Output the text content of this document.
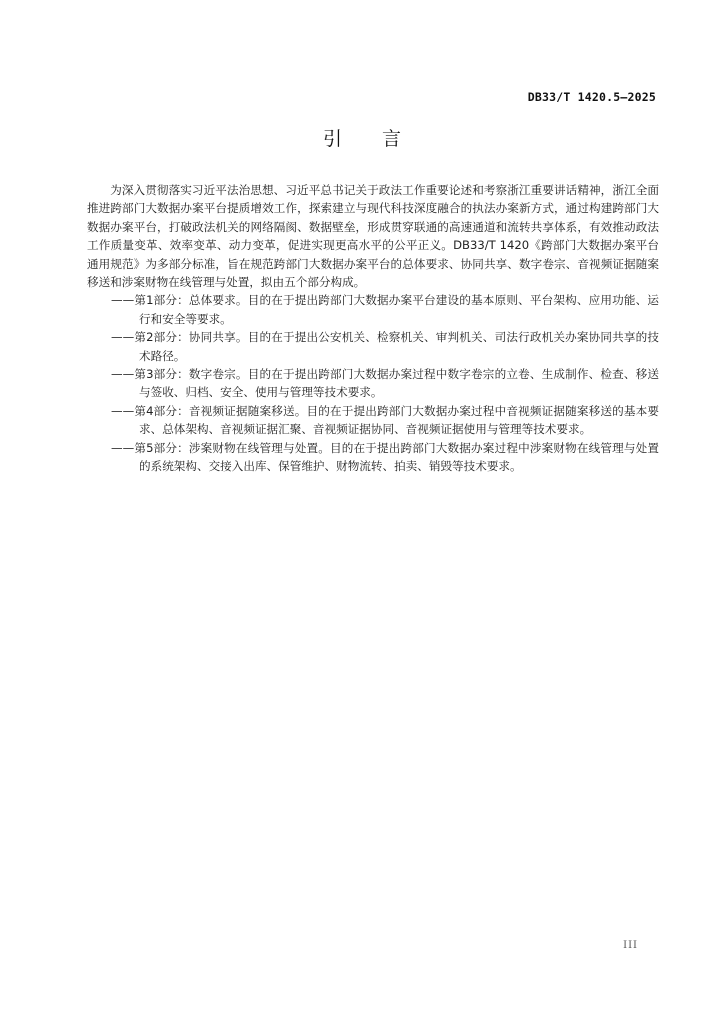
DB33/T 1420.5—2025
引言

为深入贯彻落实习近平法治思想、习近平总书记关于政法工作重要论述和考察浙江重要讲话精神，浙江全面推进跨部门大数据办案平台提质增效工作，探索建立与现代科技深度融合的执法办案新方式，通过构建跨部门大数据办案平台，打破政法机关的网络隔阂、数据壁垒，形成贯穿联通的高速通道和流转共享体系，有效推动政法工作质量变革、效率变革、动力变革，促进实现更高水平的公平正义。DB33/T 1420《跨部门大数据办案平台通用规范》为多部分标准，旨在规范跨部门大数据办案平台的总体要求、协同共享、数字卷宗、音视频证据随案移送和涉案财物在线管理与处置，拟由五个部分构成。

——第1部分：总体要求。目的在于提出跨部门大数据办案平台建设的基本原则、平台架构、应用功能、运行和安全等要求。

——第2部分：协同共享。目的在于提出公安机关、检察机关、审判机关、司法行政机关办案协同共享的技术路径。

——第3部分：数字卷宗。目的在于提出跨部门大数据办案过程中数字卷宗的立卷、生成制作、检查、移送与签收、归档、安全、使用与管理等技术要求。

——第4部分：音视频证据随案移送。目的在于提出跨部门大数据办案过程中音视频证据随案移送的基本要求、总体架构、音视频证据汇聚、音视频证据协同、音视频证据使用与管理等技术要求。

——第5部分：涉案财物在线管理与处置。目的在于提出跨部门大数据办案过程中涉案财物在线管理与处置的系统架构、交接入出库、保管维护、财物流转、拍卖、销毁等技术要求。

III
